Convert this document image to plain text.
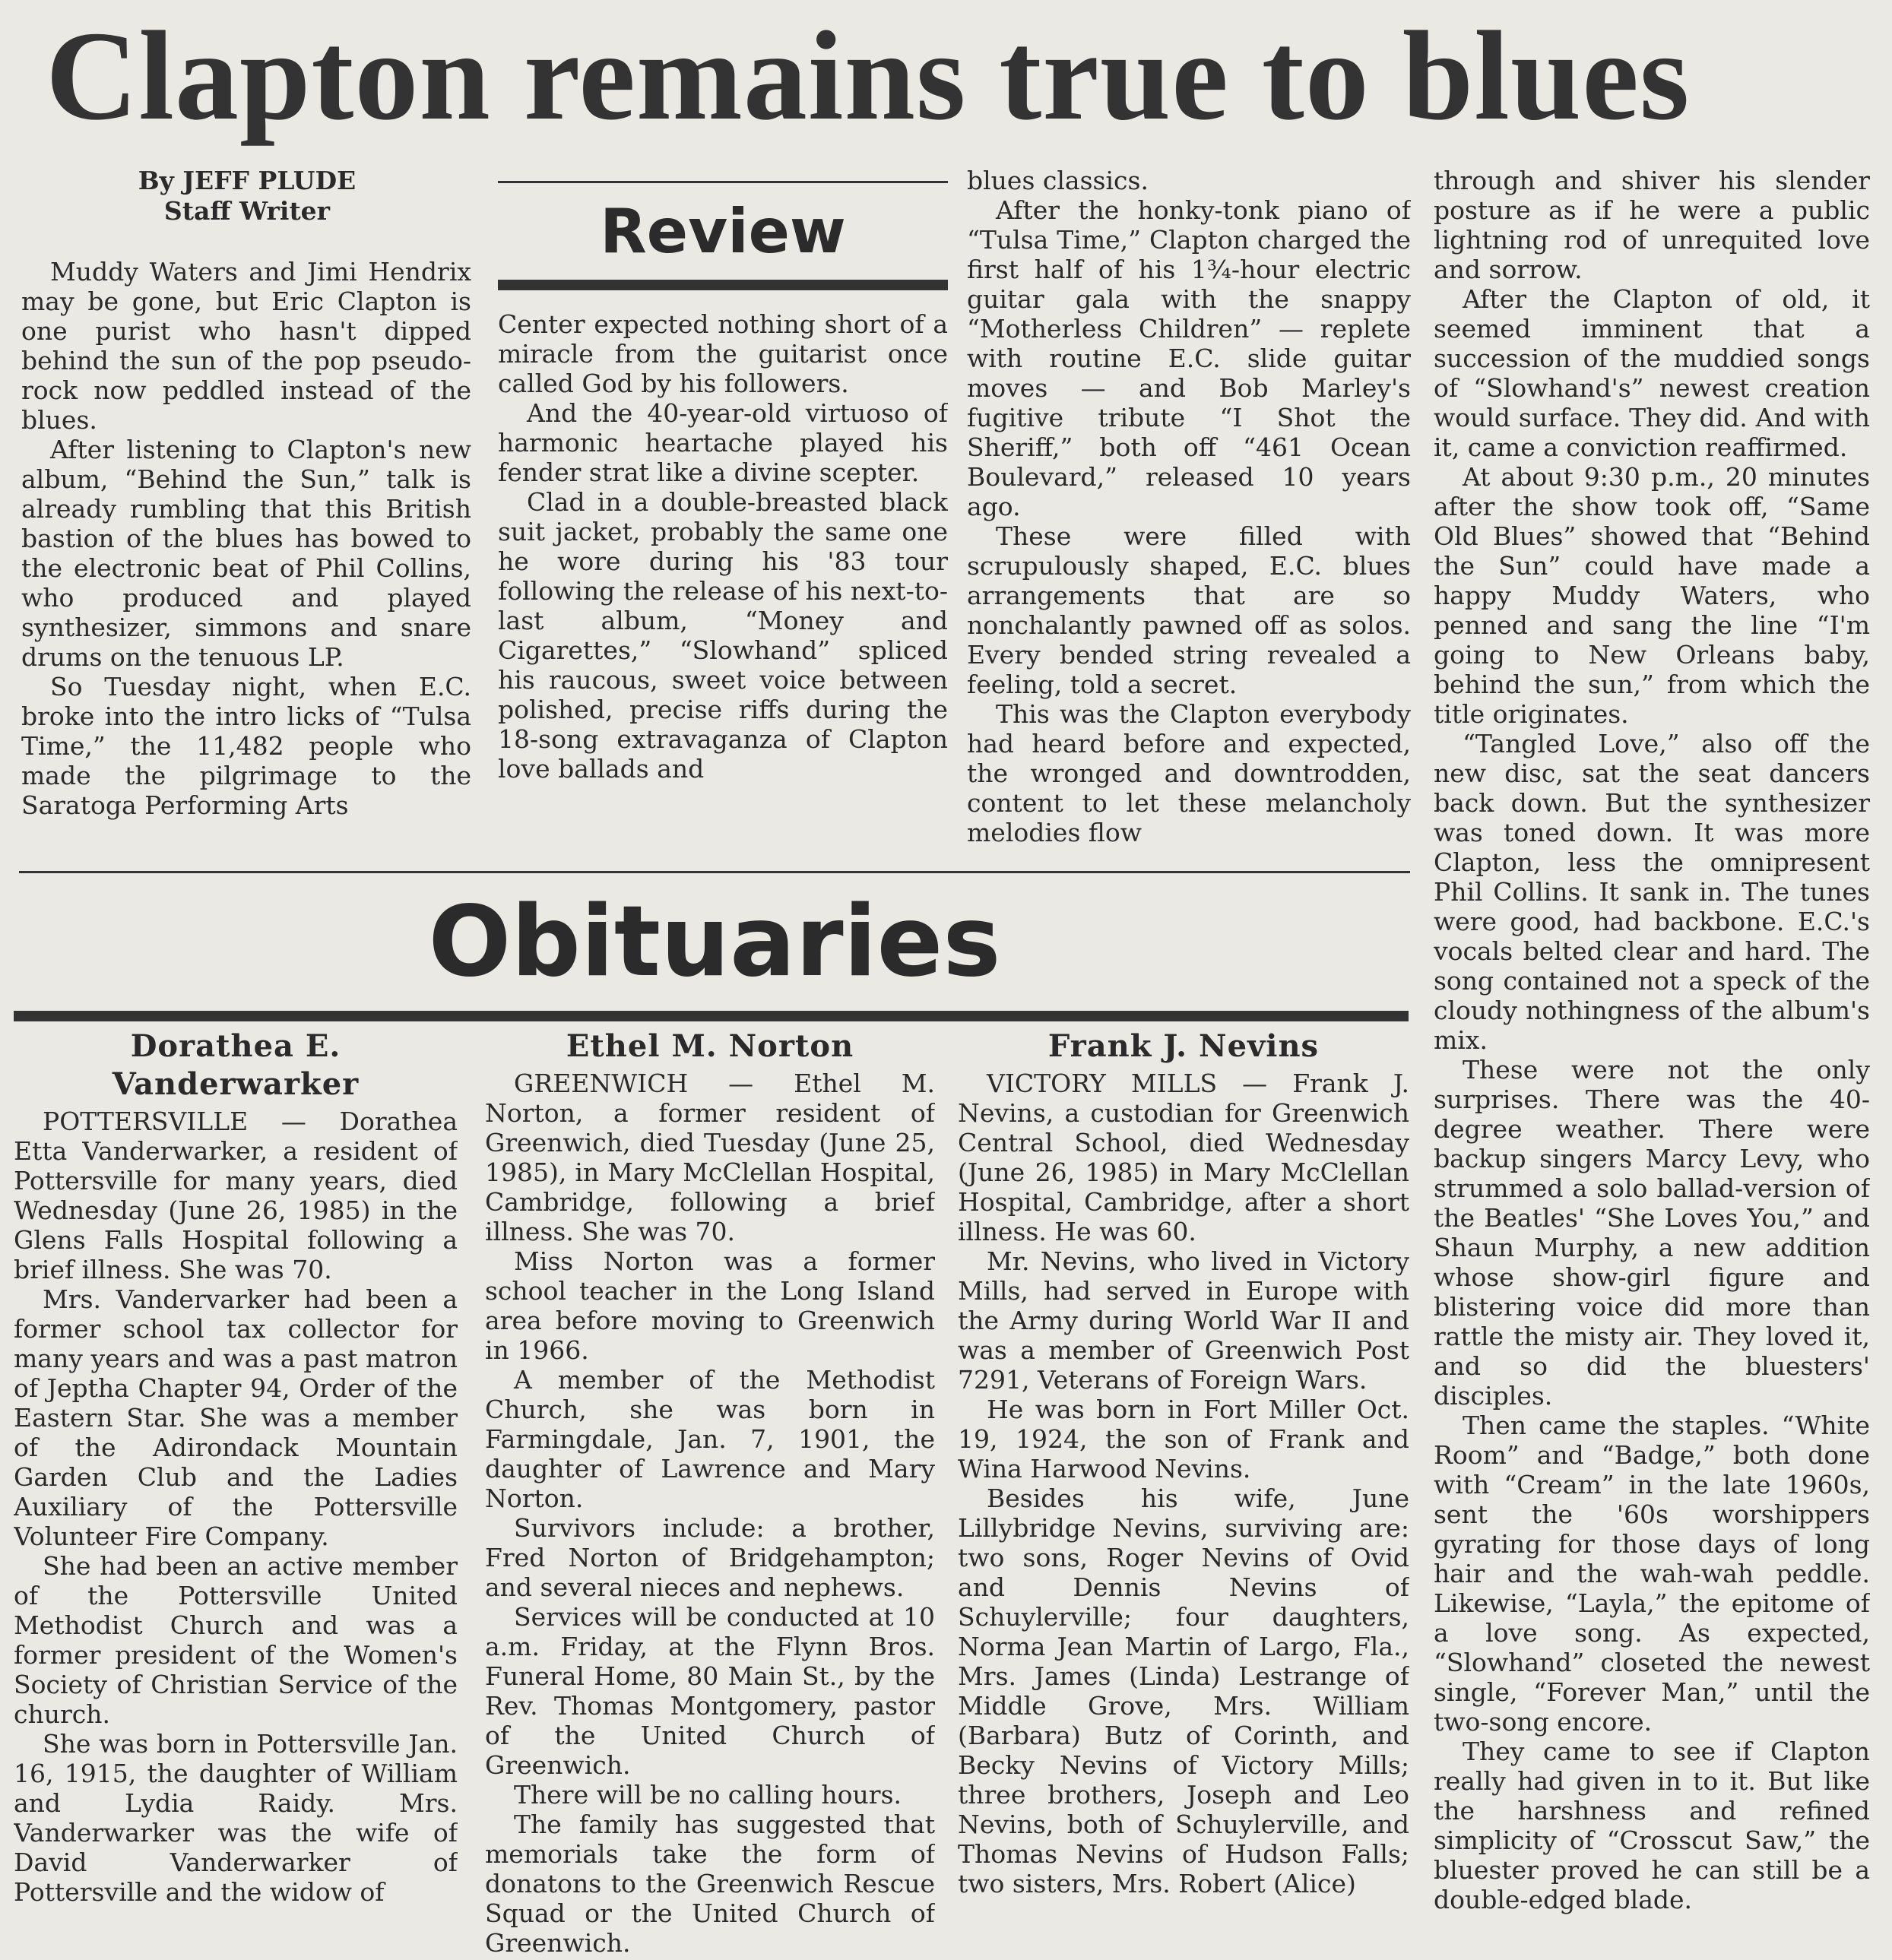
Clapton remains true to blues
By JEFF PLUDE
Staff Writer	Review

Muddy Waters and Jimi Hendrix may be gone, but Eric Clapton is one purist who hasn't dipped behind the sun of the pop pseudo-rock now peddled instead of the blues.

After listening to Clapton's new album, “Behind the Sun,” talk is already rumbling that this British bastion of the blues has bowed to the electronic beat of Phil Collins, who produced and played synthesizer, simmons and snare drums on the tenuous LP.

So Tuesday night, when E.C. broke into the intro licks of “Tulsa Time,” the 11,482 people who made the pilgrimage to the Saratoga Performing Arts

Center expected nothing short of a miracle from the guitarist once called God by his followers.

And the 40-year-old virtuoso of harmonic heartache played his fender strat like a divine scepter.

Clad in a double-breasted black suit jacket, probably the same one he wore during his '83 tour following the release of his next-to-last album, “Money and Cigarettes,” “Slowhand” spliced his raucous, sweet voice between polished, precise riffs during the 18-song extravaganza of Clapton love ballads and

blues classics.

After the honky-tonk piano of “Tulsa Time,” Clapton charged the first half of his 1¾-hour electric guitar gala with the snappy “Motherless Children” — replete with routine E.C. slide guitar moves — and Bob Marley's fugitive tribute “I Shot the Sheriff,” both off “461 Ocean Boulevard,” released 10 years ago.

These were filled with scrupulously shaped, E.C. blues arrangements that are so nonchalantly pawned off as solos. Every bended string revealed a feeling, told a secret.

This was the Clapton everybody had heard before and expected, the wronged and downtrodden, content to let these melancholy melodies flow

through and shiver his slender posture as if he were a public lightning rod of unrequited love and sorrow.

After the Clapton of old, it seemed imminent that a succession of the muddied songs of “Slowhand's” newest creation would surface. They did. And with it, came a conviction reaffirmed.

At about 9:30 p.m., 20 minutes after the show took off, “Same Old Blues” showed that “Behind the Sun” could have made a happy Muddy Waters, who penned and sang the line “I'm going to New Orleans baby, behind the sun,” from which the title originates.

“Tangled Love,” also off the new disc, sat the seat dancers back down. But the synthesizer was toned down. It was more Clapton, less the omnipresent Phil Collins. It sank in. The tunes were good, had backbone. E.C.'s vocals belted clear and hard. The song contained not a speck of the cloudy nothingness of the album's mix.

These were not the only surprises. There was the 40-degree weather. There were backup singers Marcy Levy, who strummed a solo ballad-version of the Beatles' “She Loves You,” and Shaun Murphy, a new addition whose show-girl figure and blistering voice did more than rattle the misty air. They loved it, and so did the bluesters' disciples.

Then came the staples. “White Room” and “Badge,” both done with “Cream” in the late 1960s, sent the '60s worshippers gyrating for those days of long hair and the wah-wah peddle. Likewise, “Layla,” the epitome of a love song. As expected, “Slowhand” closeted the newest single, “Forever Man,” until the two-song encore.

They came to see if Clapton really had given in to it. But like the harshness and refined simplicity of “Crosscut Saw,” the bluester proved he can still be a double-edged blade.

Obituaries
Dorathea E. Vanderwarker

POTTERSVILLE — Dorathea Etta Vanderwarker, a resident of Pottersville for many years, died Wednesday (June 26, 1985) in the Glens Falls Hospital following a brief illness. She was 70.

Mrs. Vandervarker had been a former school tax collector for many years and was a past matron of Jeptha Chapter 94, Order of the Eastern Star. She was a member of the Adirondack Mountain Garden Club and the Ladies Auxiliary of the Pottersville Volunteer Fire Company.

She had been an active member of the Pottersville United Methodist Church and was a former president of the Women's Society of Christian Service of the church.

She was born in Pottersville Jan. 16, 1915, the daughter of William and Lydia Raidy. Mrs. Vanderwarker was the wife of David Vanderwarker of Pottersville and the widow of

Ethel M. Norton

GREENWICH — Ethel M. Norton, a former resident of Greenwich, died Tuesday (June 25, 1985), in Mary McClellan Hospital, Cambridge, following a brief illness. She was 70.

Miss Norton was a former school teacher in the Long Island area before moving to Greenwich in 1966.

A member of the Methodist Church, she was born in Farmingdale, Jan. 7, 1901, the daughter of Lawrence and Mary Norton.

Survivors include: a brother, Fred Norton of Bridgehampton; and several nieces and nephews.

Services will be conducted at 10 a.m. Friday, at the Flynn Bros. Funeral Home, 80 Main St., by the Rev. Thomas Montgomery, pastor of the United Church of Greenwich.

There will be no calling hours.

The family has suggested that memorials take the form of donatons to the Greenwich Rescue Squad or the United Church of Greenwich.

Frank J. Nevins

VICTORY MILLS — Frank J. Nevins, a custodian for Greenwich Central School, died Wednesday (June 26, 1985) in Mary McClellan Hospital, Cambridge, after a short illness. He was 60.

Mr. Nevins, who lived in Victory Mills, had served in Europe with the Army during World War II and was a member of Greenwich Post 7291, Veterans of Foreign Wars.

He was born in Fort Miller Oct. 19, 1924, the son of Frank and Wina Harwood Nevins.

Besides his wife, June Lillybridge Nevins, surviving are: two sons, Roger Nevins of Ovid and Dennis Nevins of Schuylerville; four daughters, Norma Jean Martin of Largo, Fla., Mrs. James (Linda) Lestrange of Middle Grove, Mrs. William (Barbara) Butz of Corinth, and Becky Nevins of Victory Mills; three brothers, Joseph and Leo Nevins, both of Schuylerville, and Thomas Nevins of Hudson Falls; two sisters, Mrs. Robert (Alice)
